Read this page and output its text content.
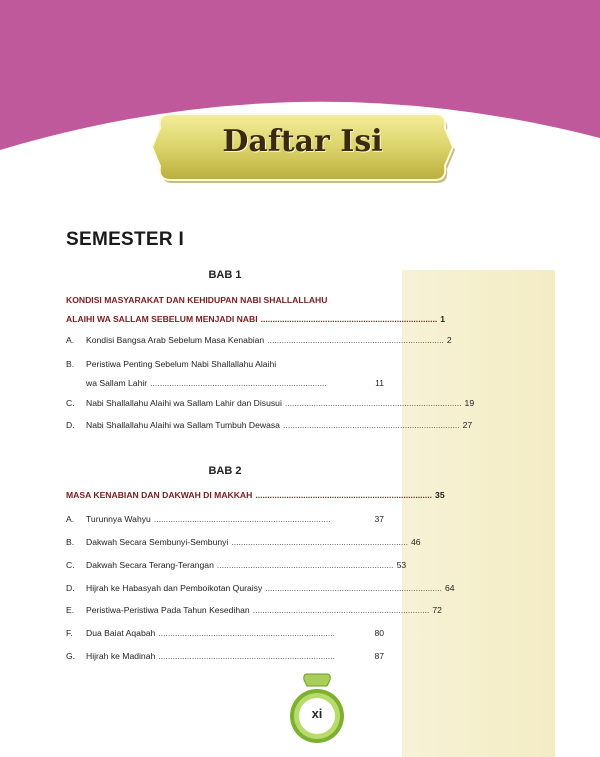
Daftar Isi
SEMESTER I
BAB 1
KONDISI MASYARAKAT DAN KEHIDUPAN NABI SHALLALLAHU
ALAIHI WA SALLAM SEBELUM MENJADI NABI .......................................................................... 1
A.	Kondisi Bangsa Arab Sebelum Masa Kenabian .......................................................................... 2
B.	Peristiwa Penting Sebelum Nabi Shallallahu Alaihi
wa Sallam Lahir ..........................................................................	11
C.	Nabi Shallallahu Alaihi wa Sallam Lahir dan Disusui .......................................................................... 19
D.	Nabi Shallallahu Alaihi wa Sallam Tumbuh Dewasa .......................................................................... 27
BAB 2
MASA KENABIAN DAN DAKWAH DI MAKKAH .......................................................................... 35
A.	Turunnya Wahyu ..........................................................................	37
B.	Dakwah Secara Sembunyi-Sembunyi .......................................................................... 46
C.	Dakwah Secara Terang-Terangan .......................................................................... 53
D.	Hijrah ke Habasyah dan Pemboikotan Quraisy .......................................................................... 64
E.	Peristiwa-Peristiwa Pada Tahun Kesedihan .......................................................................... 72
F.	Dua Baiat Aqabah ..........................................................................	80
G.	Hijrah ke Madinah ..........................................................................	87
xi
